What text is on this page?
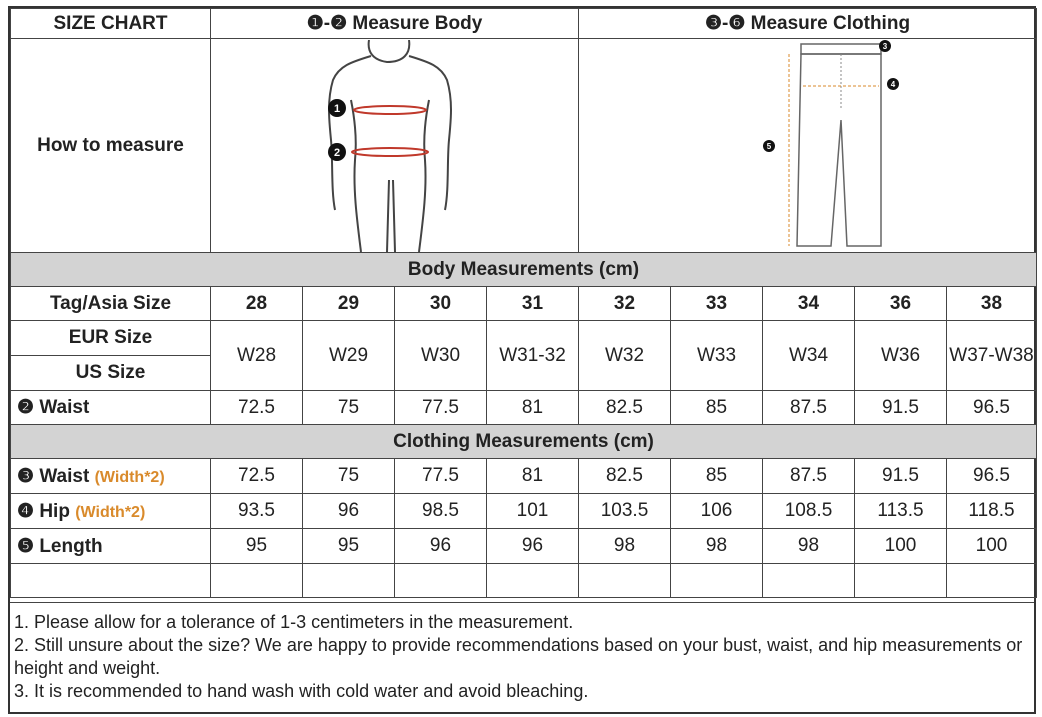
SIZE CHART	❶-❷ Measure Body				❸-❻ Measure Clothing				
How to measure	1
2				3
4
5				

Body Measurements (cm)									
Tag/Asia Size	28	29	30	31	32	33	34	36	38
EUR Size	W28	W29	W30	W31-32	W32	W33	W34	W36	W37-W38
US Size									
❷ Waist	72.5	75	77.5	81	82.5	85	87.5	91.5	96.5
Clothing Measurements (cm)									
❸ Waist (Width*2)	72.5	75	77.5	81	82.5	85	87.5	91.5	96.5
❹ Hip (Width*2)	93.5	96	98.5	101	103.5	106	108.5	113.5	118.5
❺ Length	95	95	96	96	98	98	98	100	100

1. Please allow for a tolerance of 1-3 centimeters in the measurement.
2. Still unsure about the size? We are happy to provide recommendations based on your bust, waist, and hip measurements or height and weight.
3. It is recommended to hand wash with cold water and avoid bleaching.
